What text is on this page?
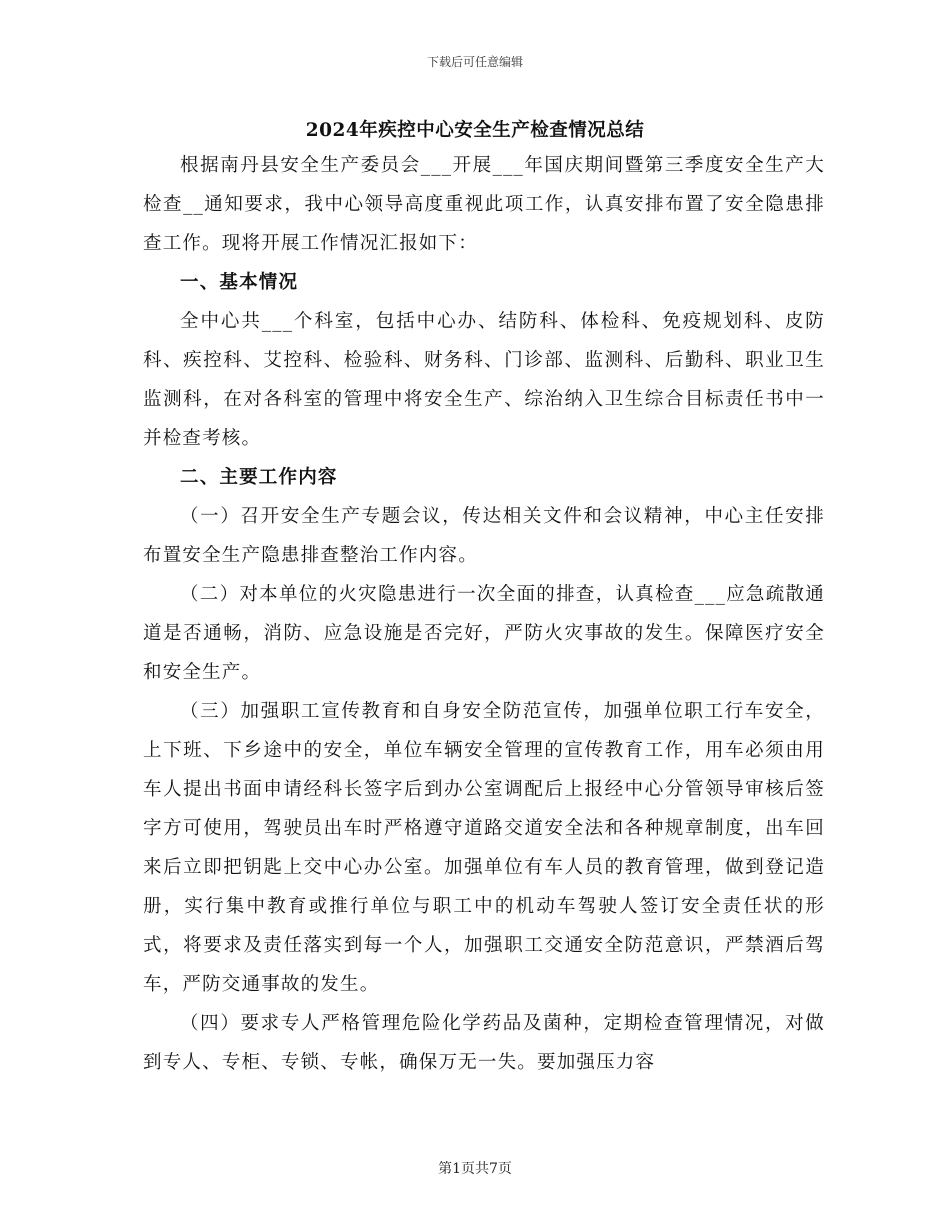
下载后可任意编辑
2024年疾控中心安全生产检查情况总结

根据南丹县安全生产委员会___开展___年国庆期间暨第三季度安全生产大检查__通知要求，我中心领导高度重视此项工作，认真安排布置了安全隐患排查工作。现将开展工作情况汇报如下：

一、基本情况

全中心共___个科室，包括中心办、结防科、体检科、免疫规划科、皮防科、疾控科、艾控科、检验科、财务科、门诊部、监测科、后勤科、职业卫生监测科，在对各科室的管理中将安全生产、综治纳入卫生综合目标责任书中一并检查考核。

二、主要工作内容

（一）召开安全生产专题会议，传达相关文件和会议精神，中心主任安排布置安全生产隐患排查整治工作内容。

（二）对本单位的火灾隐患进行一次全面的排查，认真检查___应急疏散通道是否通畅，消防、应急设施是否完好，严防火灾事故的发生。保障医疗安全和安全生产。

（三）加强职工宣传教育和自身安全防范宣传，加强单位职工行车安全，上下班、下乡途中的安全，单位车辆安全管理的宣传教育工作，用车必须由用车人提出书面申请经科长签字后到办公室调配后上报经中心分管领导审核后签字方可使用，驾驶员出车时严格遵守道路交道安全法和各种规章制度，出车回来后立即把钥匙上交中心办公室。加强单位有车人员的教育管理，做到登记造册，实行集中教育或推行单位与职工中的机动车驾驶人签订安全责任状的形式，将要求及责任落实到每一个人，加强职工交通安全防范意识，严禁酒后驾车，严防交通事故的发生。

（四）要求专人严格管理危险化学药品及菌种，定期检查管理情况，对做到专人、专柜、专锁、专帐，确保万无一失。要加强压力容

第1页共7页
